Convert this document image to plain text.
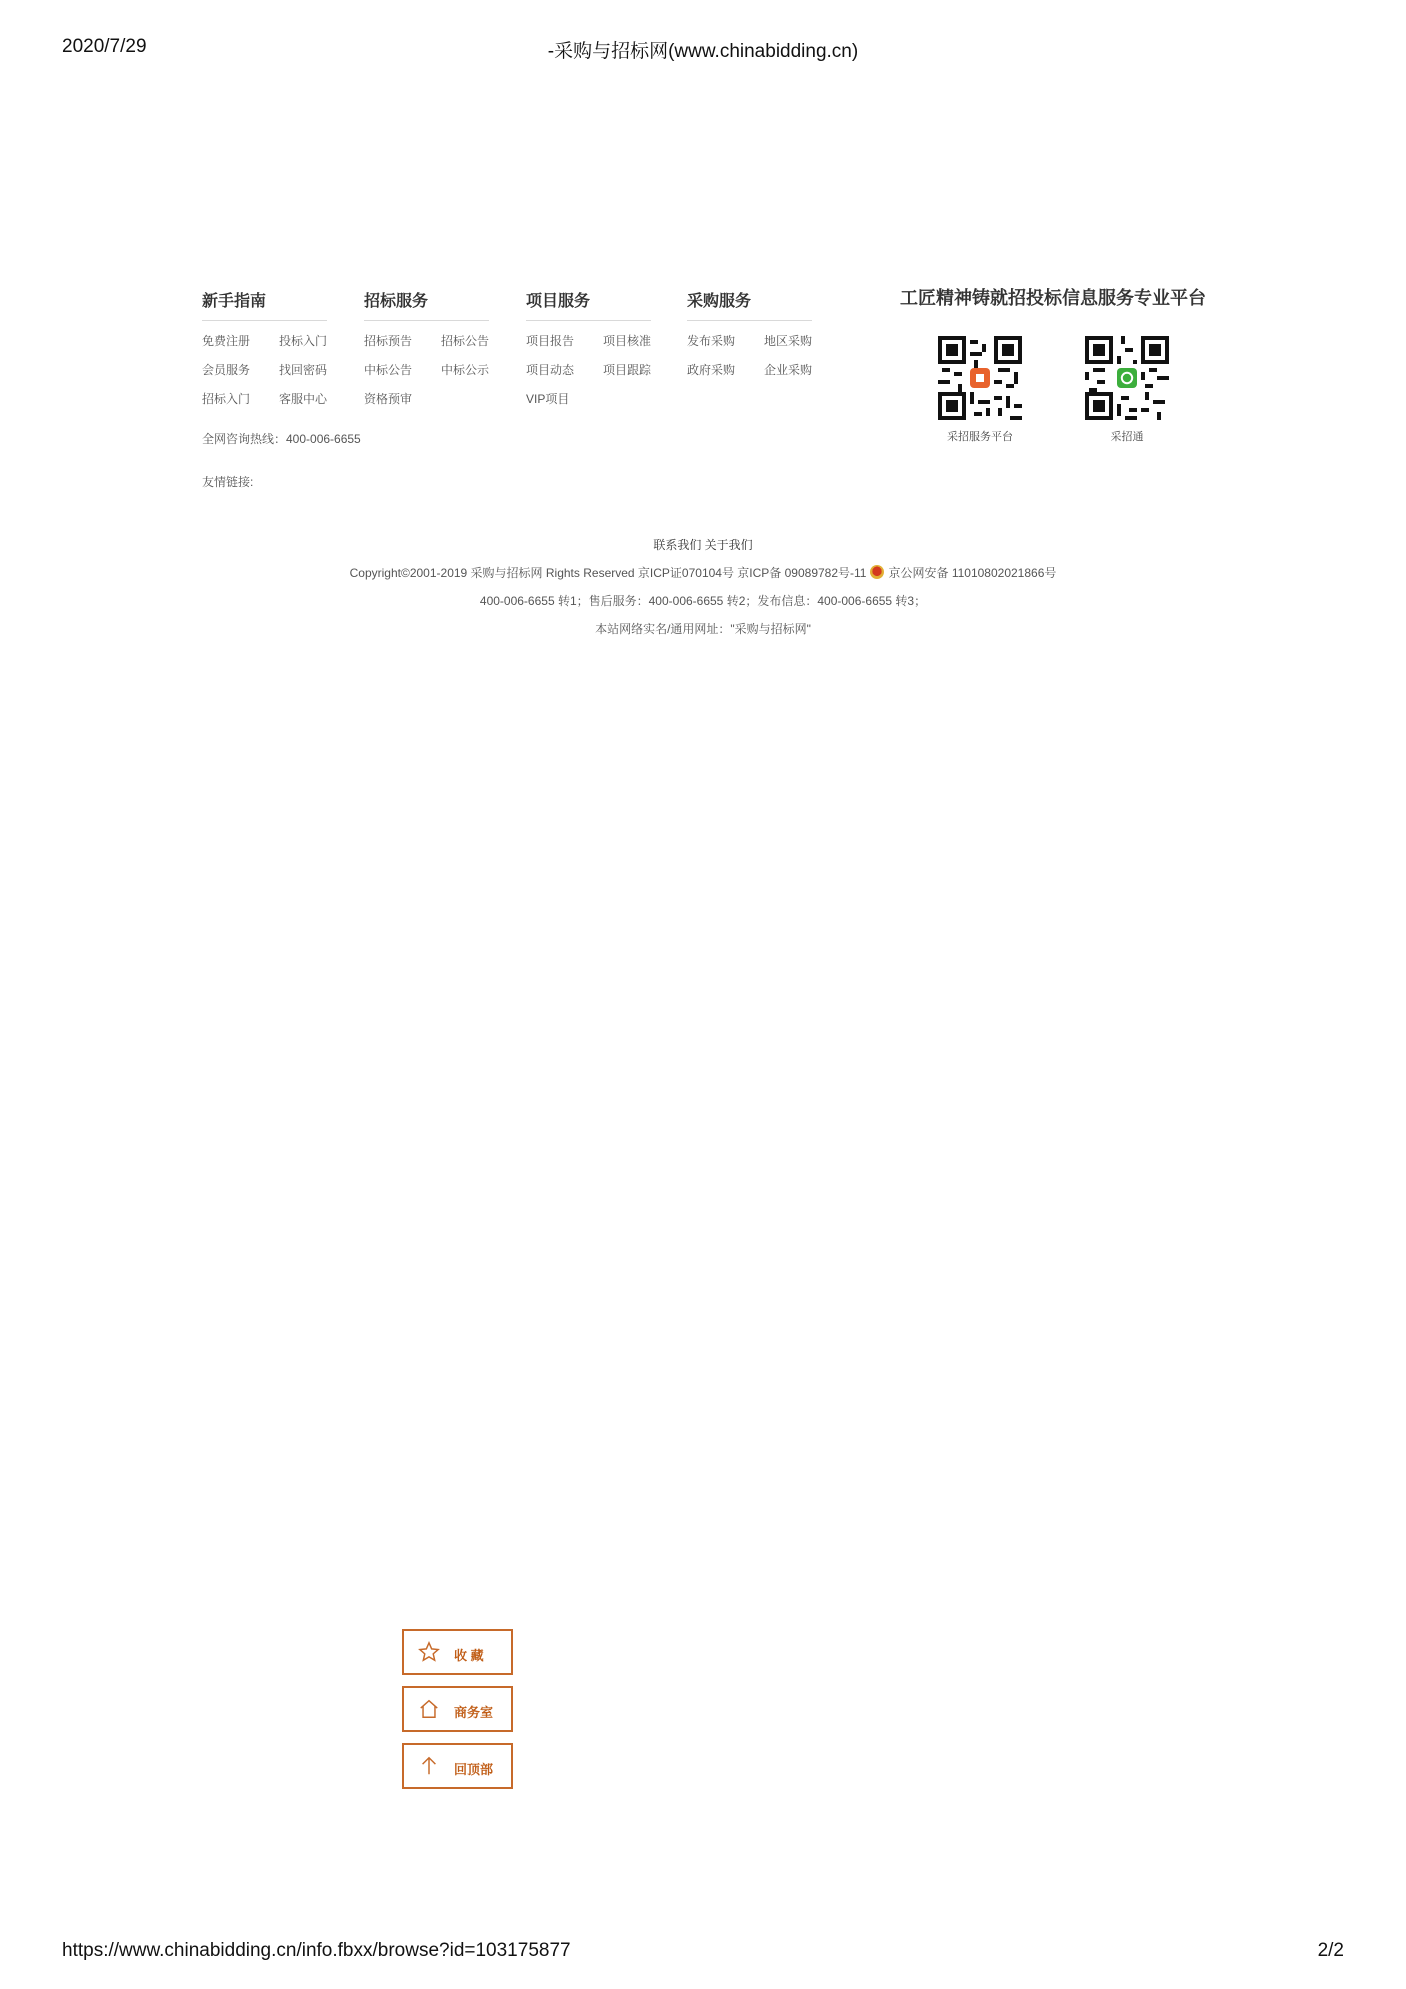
2020/7/29	-采购与招标网(www.chinabidding.cn)
新手指南
免费注册	投标入门
会员服务	找回密码
招标入门	客服中心
招标服务
招标预告	招标公告
中标公告	中标公示
资格预审
项目服务
项目报告	项目核准
项目动态	项目跟踪
VIP项目
采购服务
发布采购	地区采购
政府采购	企业采购
全网咨询热线：400-006-6655
友情链接:
工匠精神铸就招投标信息服务专业平台
采招服务平台	采招通
联系我们 关于我们
Copyright©2001-2019 采购与招标网 Rights Reserved 京ICP证070104号 京ICP备 09089782号-11 京公网安备 11010802021866号
400-006-6655 转1；售后服务：400-006-6655 转2；发布信息：400-006-6655 转3；
本站网络实名/通用网址："采购与招标网"
收 藏
商务室
回顶部
https://www.chinabidding.cn/info.fbxx/browse?id=103175877	2/2
